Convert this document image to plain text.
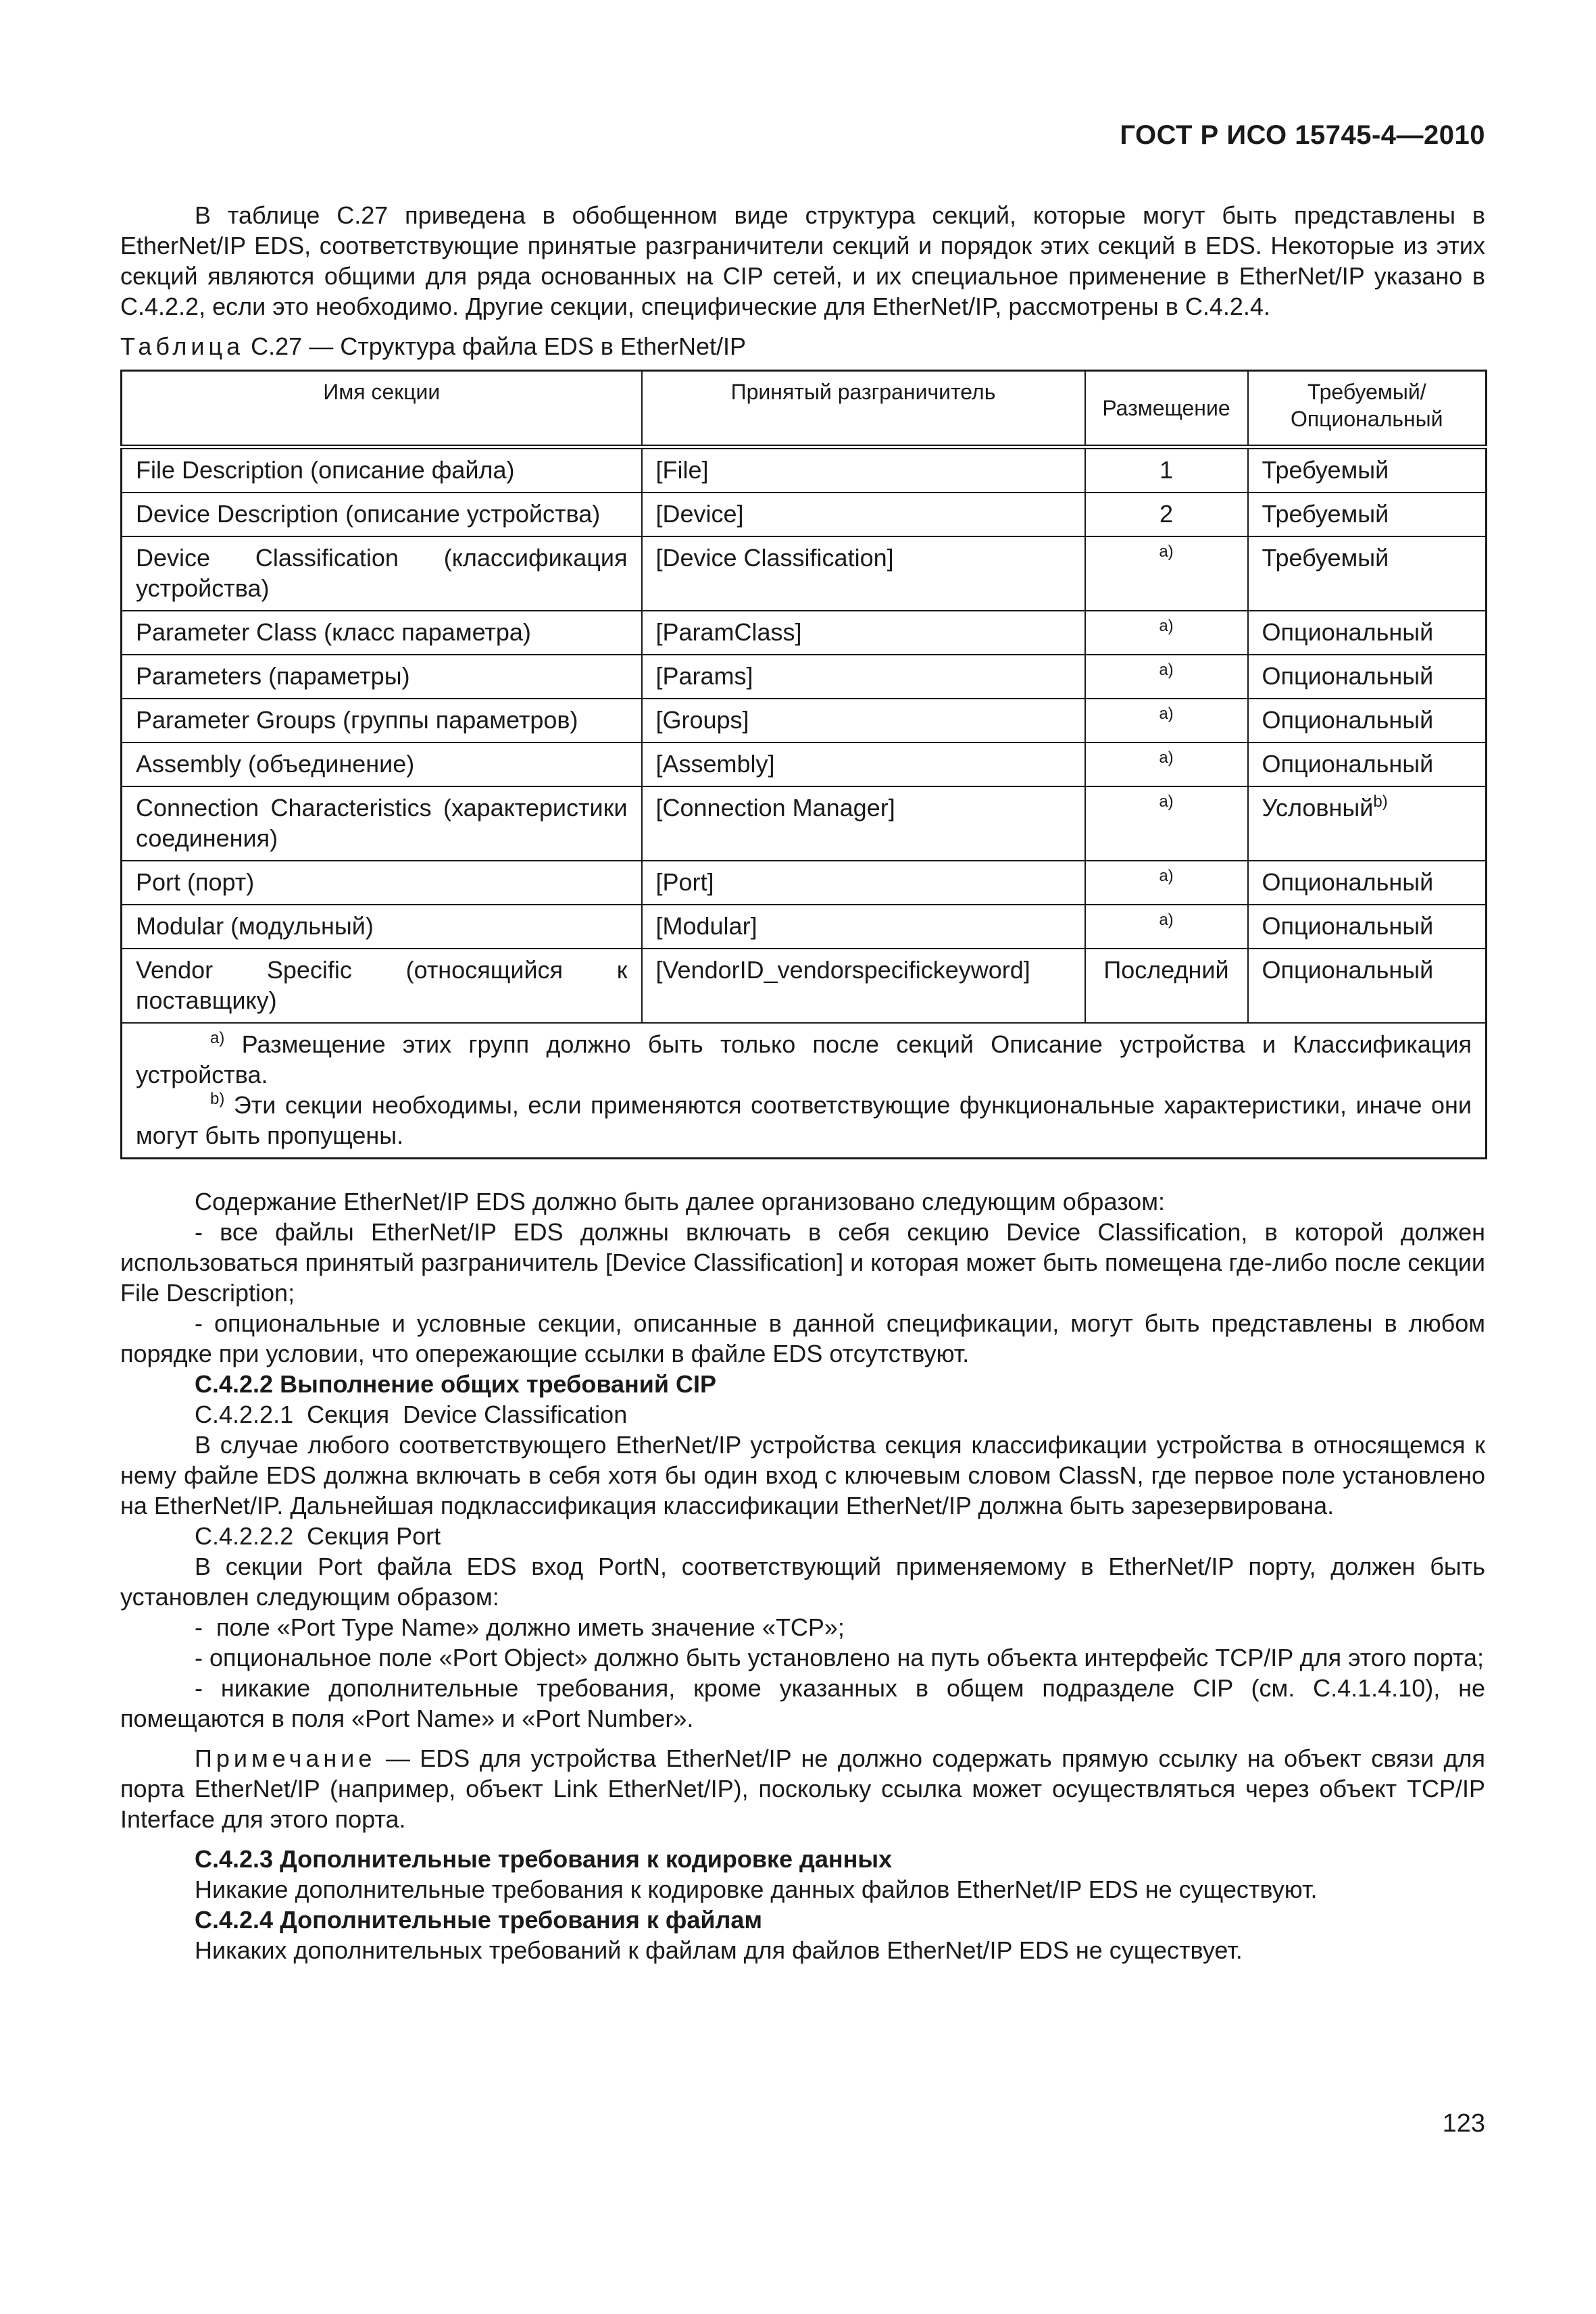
ГОСТ Р ИСО 15745-4—2010

В таблице С.27 приведена в обобщенном виде структура секций, которые могут быть представлены в EtherNet/IP EDS, соответствующие принятые разграничители секций и порядок этих секций в EDS. Некоторые из этих секций являются общими для ряда основанных на CIP сетей, и их специальное применение в EtherNet/IP указано в С.4.2.2, если это необходимо. Другие секции, специфические для EtherNet/IP, рассмотрены в С.4.2.4.

Таблица С.27 — Структура файла EDS в EtherNet/IP

Имя секции	Принятый разграничитель	Размещение	Требуемый/ Опциональный
File Description (описание файла)	[File]	1	Требуемый
Device Description (описание устройства)	[Device]	2	Требуемый
Device Classification (классификация устройства)	[Device Classification]	$^{a)}$	Требуемый
Parameter Class (класс параметра)	[ParamClass]	$^{a)}$	Опциональный
Parameters (параметры)	[Params]	$^{a)}$	Опциональный
Parameter Groups (группы параметров)	[Groups]	$^{a)}$	Опциональный
Assembly (объединение)	[Assembly]	$^{a)}$	Опциональный
Connection Characteristics (характеристики соединения)	[Connection Manager]	$^{a)}$	Условный$^{b)}$
Port (порт)	[Port]	$^{a)}$	Опциональный
Modular (модульный)	[Modular]	$^{a)}$	Опциональный
Vendor Specific (относящийся к поставщику)	[VendorID_vendorspecifickeyword]	Последний	Опциональный

$^{a)}$ Размещение этих групп должно быть только после секций Описание устройства и Классификация устройства.

$^{b)}$ Эти секции необходимы, если применяются соответствующие функциональные характеристики, иначе они могут быть пропущены.			

Содержание EtherNet/IP EDS должно быть далее организовано следующим образом:

- все файлы EtherNet/IP EDS должны включать в себя секцию Device Classification, в которой должен использоваться принятый разграничитель [Device Classification] и которая может быть помещена где-либо после секции File Description;

- опциональные и условные секции, описанные в данной спецификации, могут быть представлены в любом порядке при условии, что опережающие ссылки в файле EDS отсутствуют.

С.4.2.2 Выполнение общих требований CIP

С.4.2.2.1  Секция  Device Classification

В случае любого соответствующего EtherNet/IP устройства секция классификации устройства в относящемся к нему файле EDS должна включать в себя хотя бы один вход с ключевым словом ClassN, где первое поле установлено на EtherNet/IP. Дальнейшая подклассификация классификации EtherNet/IP должна быть зарезервирована.

С.4.2.2.2  Секция Port

В секции Port файла EDS вход PortN, соответствующий применяемому в EtherNet/IP порту, должен быть установлен следующим образом:

-  поле «Port Type Name» должно иметь значение «TCP»;

- опциональное поле «Port Object» должно быть установлено на путь объекта интерфейс TCP/IP для этого порта;

- никакие дополнительные требования, кроме указанных в общем подразделе CIP (см. С.4.1.4.10), не помещаются в поля «Port Name» и «Port Number».

Примечание — EDS для устройства EtherNet/IP не должно содержать прямую ссылку на объект связи для порта EtherNet/IP (например, объект Link EtherNet/IP), поскольку ссылка может осуществляться через объект TCP/IP Interface для этого порта.

С.4.2.3 Дополнительные требования к кодировке данных

Никакие дополнительные требования к кодировке данных файлов EtherNet/IP EDS не существуют.

С.4.2.4 Дополнительные требования к файлам

Никаких дополнительных требований к файлам для файлов EtherNet/IP EDS не существует.

123
